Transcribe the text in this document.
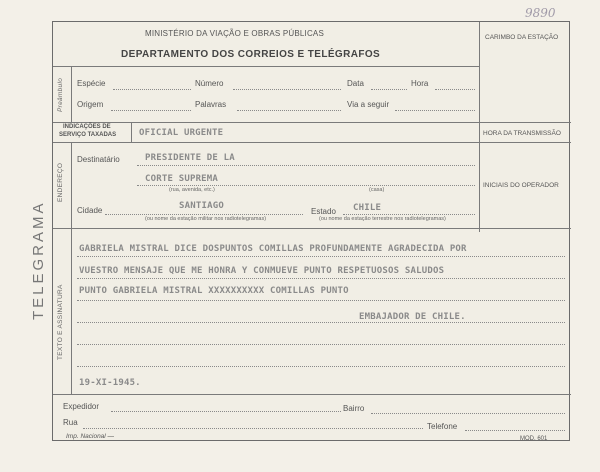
9890
TELEGRAMA
MINISTÉRIO DA VIAÇÃO E OBRAS PÚBLICAS
DEPARTAMENTO DOS CORREIOS E TELÉGRAFOS
CARIMBO DA ESTAÇÃO
Preâmbulo Espécie	Número	Data	Hora
Origem	Palavras	Via a seguir
INDICAÇÕES DE
SERVIÇO TAXADAS	OFICIAL URGENTE	HORA DA TRANSMISSÃO
ENDEREÇO
Destinatário	PRESIDENTE DE LA
CORTE SUPREMA
(rua, avenida, etc.)	(casa)
INICIAIS DO OPERADOR
Cidade	SANTIAGO
(ou nome da estação militar nos radiotelegramas)
Estado CHILE
(ou nome da estação terrestre nos radiotelegramas)
TEXTO E ASSINATURA
GABRIELA MISTRAL DICE DOSPUNTOS COMILLAS PROFUNDAMENTE AGRADECIDA POR
VUESTRO MENSAJE QUE ME HONRA Y CONMUEVE PUNTO RESPETUOSOS SALUDOS
PUNTO GABRIELA MISTRAL XXXXXXXXXX COMILLAS PUNTO
EMBAJADOR DE CHILE.
19-XI-1945.
Expedidor	Bairro
Rua	Telefone
Imp. Nacional —	MOD. 601
